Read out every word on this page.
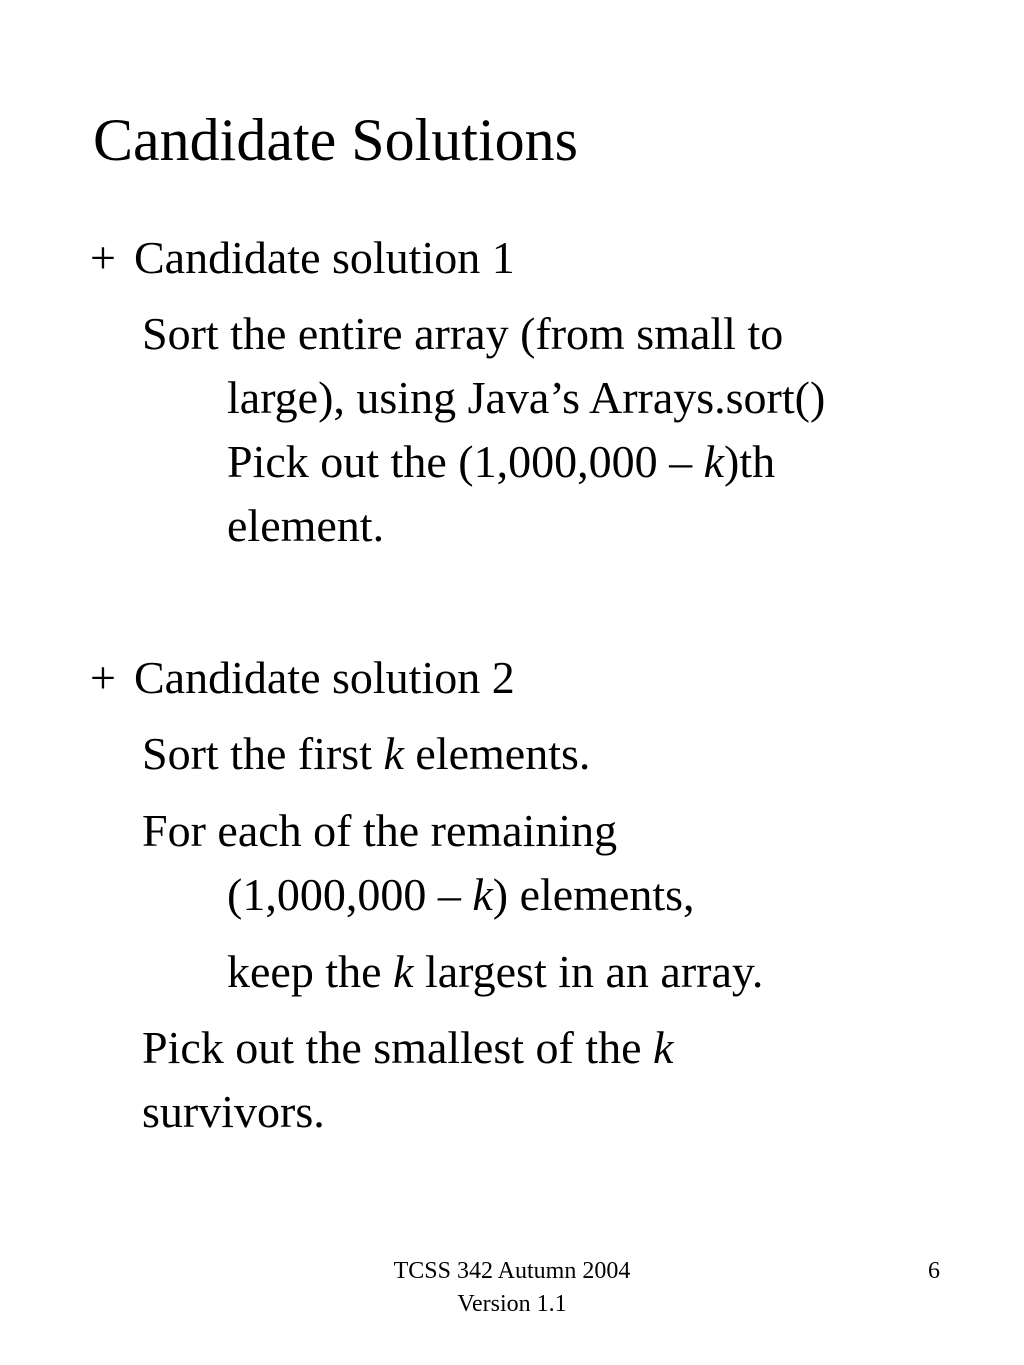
Candidate Solutions
+ Candidate solution 1
Sort the entire array (from small to
large), using Java’s Arrays.sort()
Pick out the (1,000,000 – k)th
element.
+ Candidate solution 2
Sort the first k elements.
For each of the remaining
(1,000,000 – k) elements,
keep the k largest in an array.
Pick out the smallest of the k
survivors.
TCSS 342 Autumn 2004
Version 1.1
6
